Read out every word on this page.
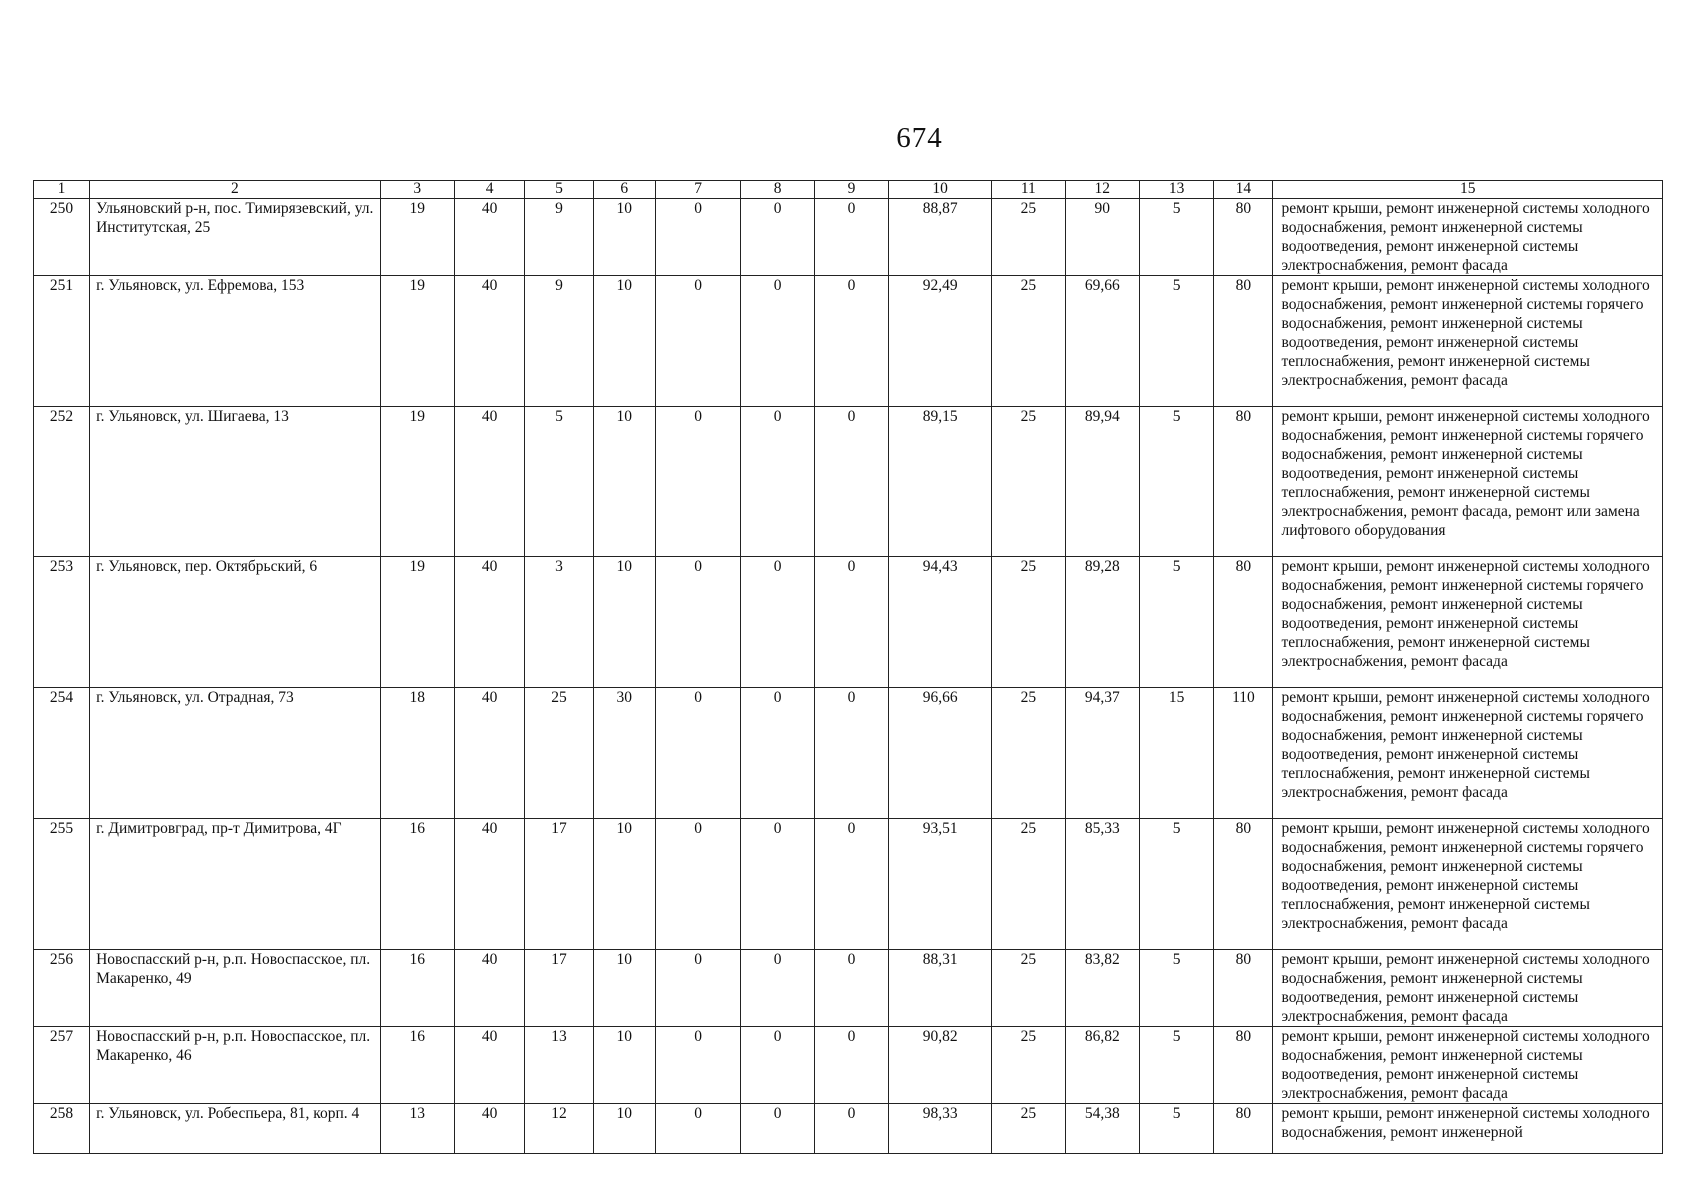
674
1	2	3	4	5	6	7	8	9	10	11	12	13	14	15
250	Ульяновский р-н, пос. Тимирязевский, ул. Институтская, 25	19	40	9	10	0	0	0	88,87	25	90	5	80	ремонт крыши, ремонт инженерной системы холодного водоснабжения, ремонт инженерной системы водоотведения, ремонт инженерной системы электроснабжения, ремонт фасада
251	г. Ульяновск, ул. Ефремова, 153	19	40	9	10	0	0	0	92,49	25	69,66	5	80	ремонт крыши, ремонт инженерной системы холодного водоснабжения, ремонт инженерной системы горячего водоснабжения, ремонт инженерной системы водоотведения, ремонт инженерной системы теплоснабжения, ремонт инженерной системы электроснабжения, ремонт фасада
252	г. Ульяновск, ул. Шигаева, 13	19	40	5	10	0	0	0	89,15	25	89,94	5	80	ремонт крыши, ремонт инженерной системы холодного водоснабжения, ремонт инженерной системы горячего водоснабжения, ремонт инженерной системы водоотведения, ремонт инженерной системы теплоснабжения, ремонт инженерной системы электроснабжения, ремонт фасада, ремонт или замена лифтового оборудования
253	г. Ульяновск, пер. Октябрьский, 6	19	40	3	10	0	0	0	94,43	25	89,28	5	80	ремонт крыши, ремонт инженерной системы холодного водоснабжения, ремонт инженерной системы горячего водоснабжения, ремонт инженерной системы водоотведения, ремонт инженерной системы теплоснабжения, ремонт инженерной системы электроснабжения, ремонт фасада
254	г. Ульяновск, ул. Отрадная, 73	18	40	25	30	0	0	0	96,66	25	94,37	15	110	ремонт крыши, ремонт инженерной системы холодного водоснабжения, ремонт инженерной системы горячего водоснабжения, ремонт инженерной системы водоотведения, ремонт инженерной системы теплоснабжения, ремонт инженерной системы электроснабжения, ремонт фасада
255	г. Димитровград, пр-т Димитрова, 4Г	16	40	17	10	0	0	0	93,51	25	85,33	5	80	ремонт крыши, ремонт инженерной системы холодного водоснабжения, ремонт инженерной системы горячего водоснабжения, ремонт инженерной системы водоотведения, ремонт инженерной системы теплоснабжения, ремонт инженерной системы электроснабжения, ремонт фасада
256	Новоспасский р-н, р.п. Новоспасское, пл. Макаренко, 49	16	40	17	10	0	0	0	88,31	25	83,82	5	80	ремонт крыши, ремонт инженерной системы холодного водоснабжения, ремонт инженерной системы водоотведения, ремонт инженерной системы электроснабжения, ремонт фасада
257	Новоспасский р-н, р.п. Новоспасское, пл. Макаренко, 46	16	40	13	10	0	0	0	90,82	25	86,82	5	80	ремонт крыши, ремонт инженерной системы холодного водоснабжения, ремонт инженерной системы водоотведения, ремонт инженерной системы электроснабжения, ремонт фасада
258	г. Ульяновск, ул. Робеспьера, 81, корп. 4	13	40	12	10	0	0	0	98,33	25	54,38	5	80	ремонт крыши, ремонт инженерной системы холодного водоснабжения, ремонт инженерной
